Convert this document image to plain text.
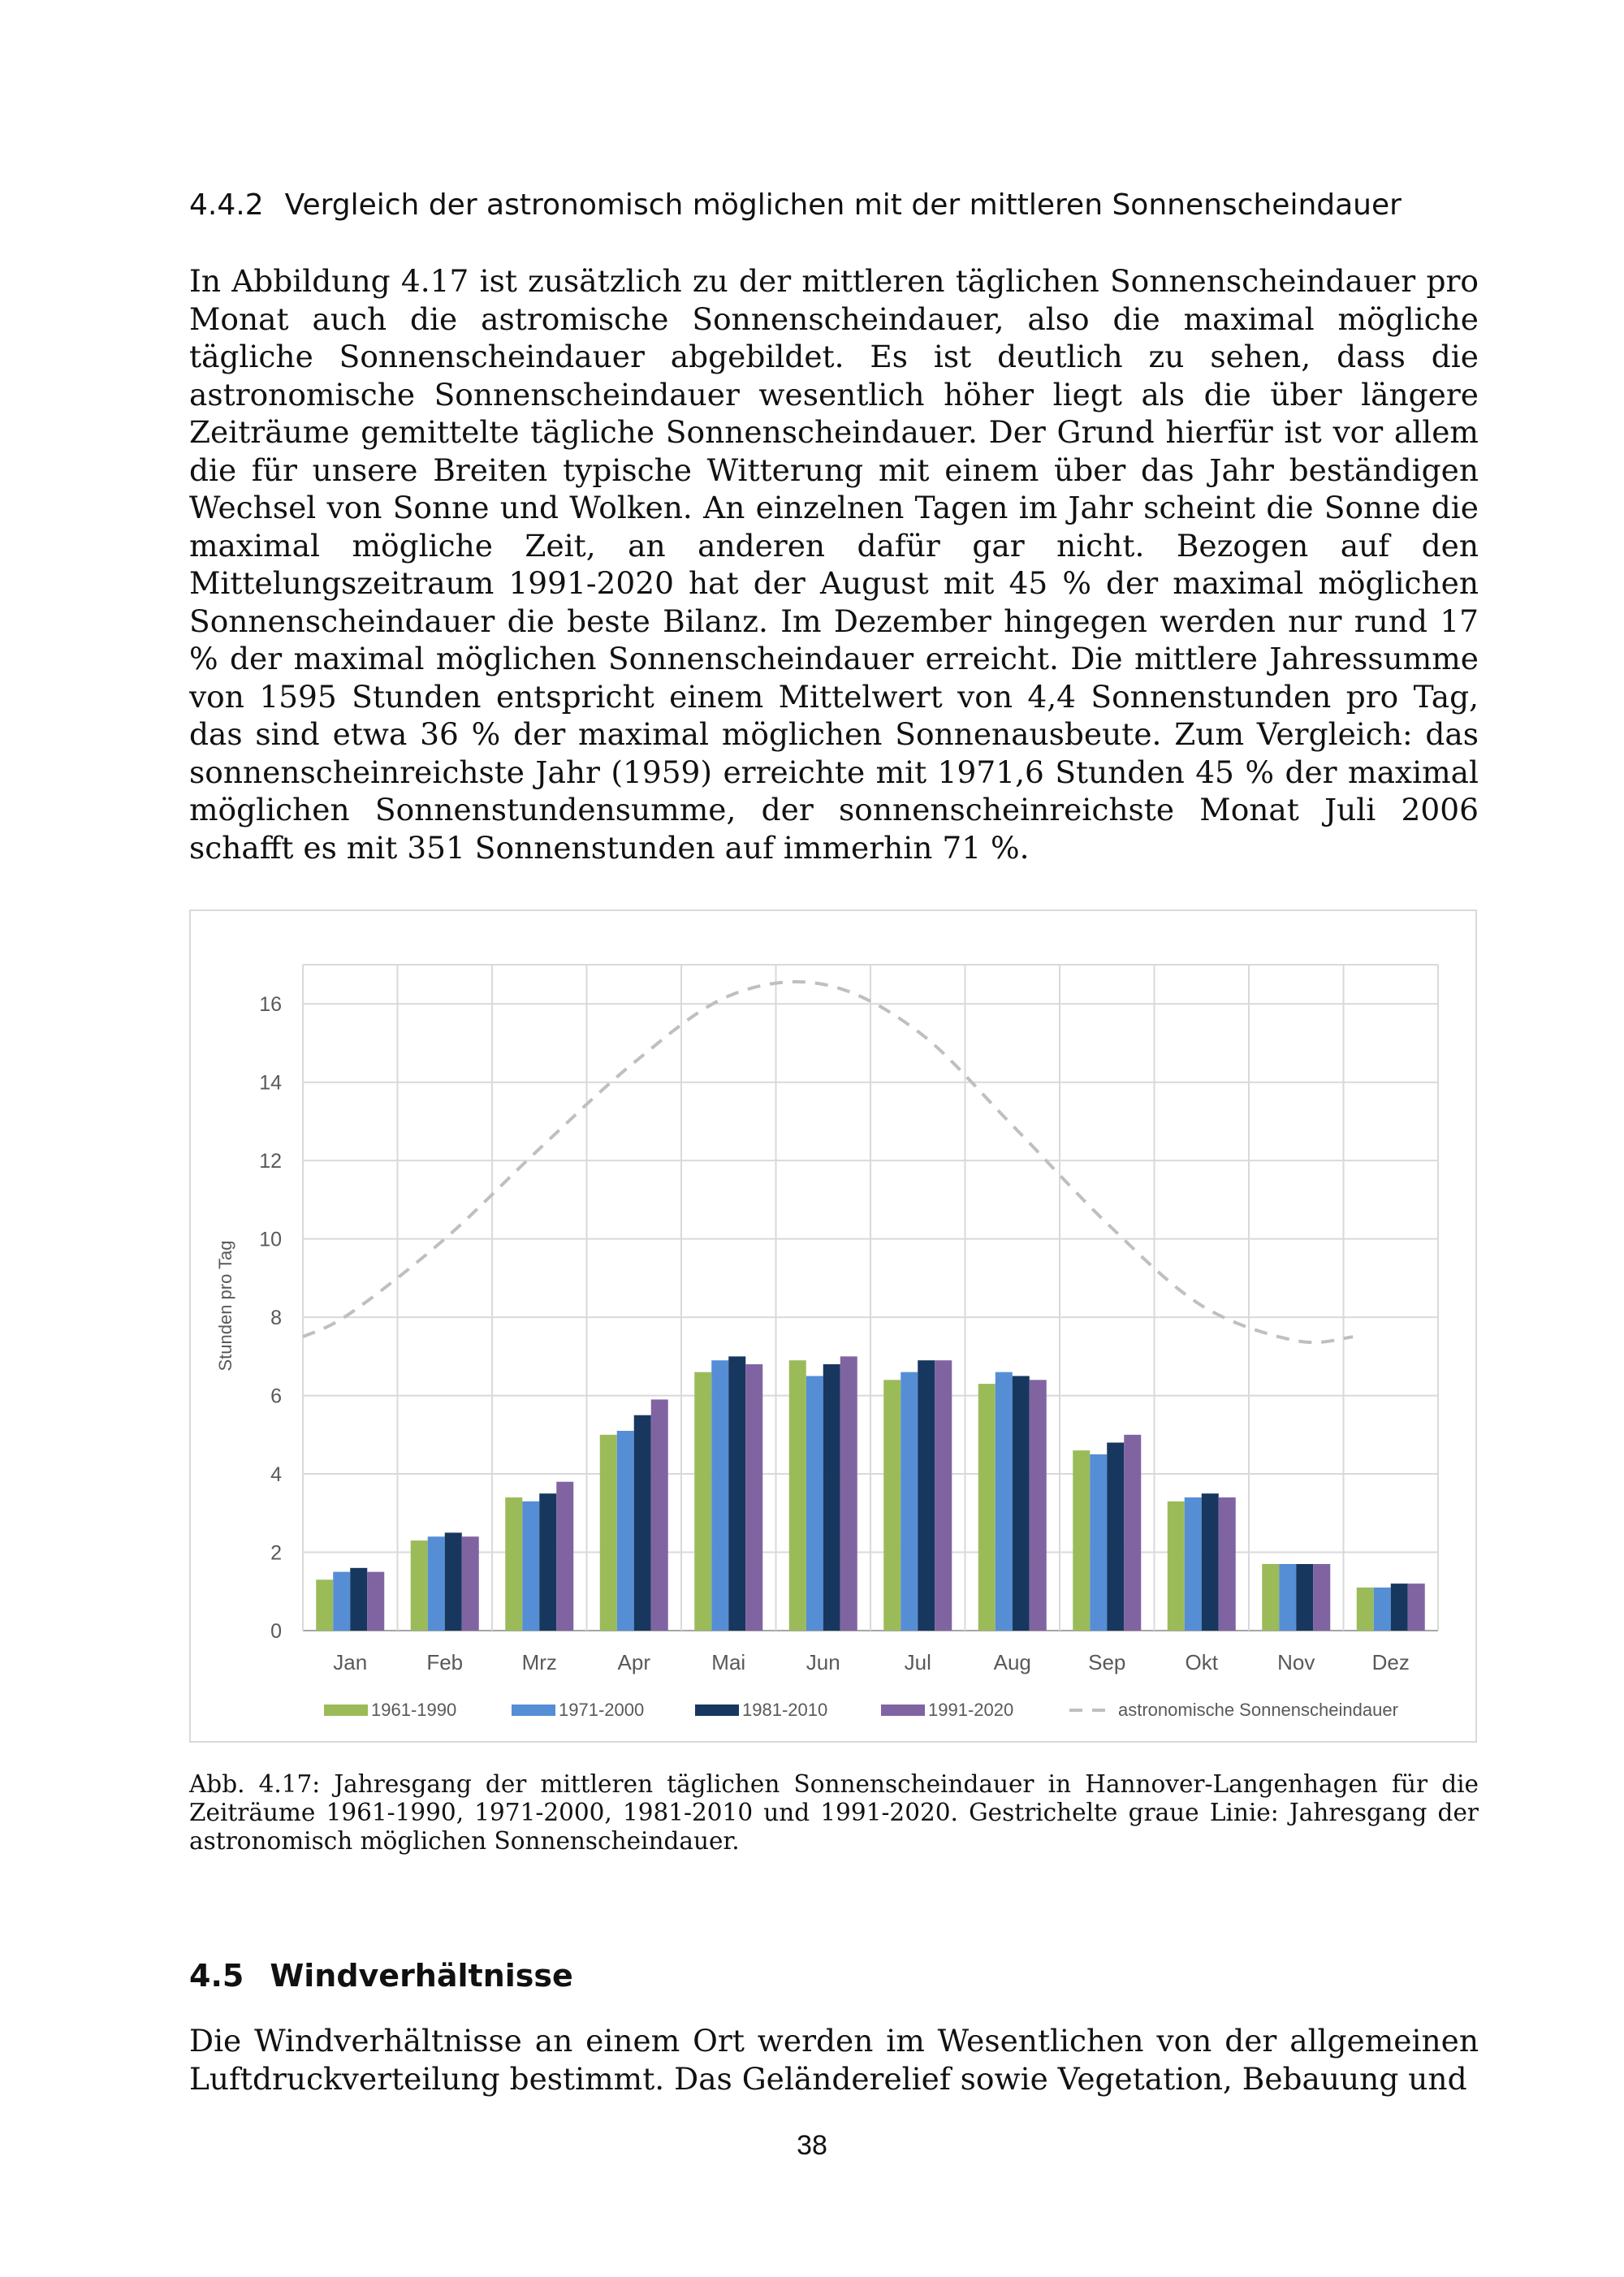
4.4.2 Vergleich der astronomisch möglichen mit der mittleren Sonnenscheindauer

In Abbildung 4.17 ist zusätzlich zu der mittleren täglichen Sonnenscheindauer pro Monat auch die astromische Sonnenscheindauer, also die maximal mögliche tägliche Sonnenscheindauer abgebildet. Es ist deutlich zu sehen, dass die astronomische Sonnenscheindauer wesentlich höher liegt als die über längere Zeiträume gemittelte tägliche Sonnenscheindauer. Der Grund hierfür ist vor allem die für unsere Breiten typische Witterung mit einem über das Jahr beständigen Wechsel von Sonne und Wolken. An einzelnen Tagen im Jahr scheint die Sonne die maximal mögliche Zeit, an anderen dafür gar nicht. Bezogen auf den Mittelungszeitraum 1991-2020 hat der August mit 45 % der maximal möglichen Sonnenscheindauer die beste Bilanz. Im Dezember hingegen werden nur rund 17 % der maximal möglichen Sonnenscheindauer erreicht. Die mittlere Jahressumme von 1595 Stunden entspricht einem Mittelwert von 4,4 Sonnenstunden pro Tag, das sind etwa 36 % der maximal möglichen Sonnenausbeute. Zum Vergleich: das sonnenscheinreichste Jahr (1959) erreichte mit 1971,6 Stunden 45 % der maximal möglichen Sonnenstundensumme, der sonnenscheinreichste Monat Juli 2006 schafft es mit 351 Sonnenstunden auf immerhin 71 %.

0
2
4
6
8
10
12
14
16
Jan	Feb	Mrz	Apr	Mai	Jun	Jul	Aug	Sep	Okt	Nov	Dez
Stunden pro Tag
1961-1990	1971-2000	1981-2010	1991-2020	astronomische Sonnenscheindauer

Abb. 4.17: Jahresgang der mittleren täglichen Sonnenscheindauer in Hannover-Langenhagen für die Zeiträume 1961-1990, 1971-2000, 1981-2010 und 1991-2020. Gestrichelte graue Linie: Jahresgang der astronomisch möglichen Sonnenscheindauer.

4.5 Windverhältnisse

Die Windverhältnisse an einem Ort werden im Wesentlichen von der allgemeinen Luftdruckverteilung bestimmt. Das Geländerelief sowie Vegetation, Bebauung und

38
